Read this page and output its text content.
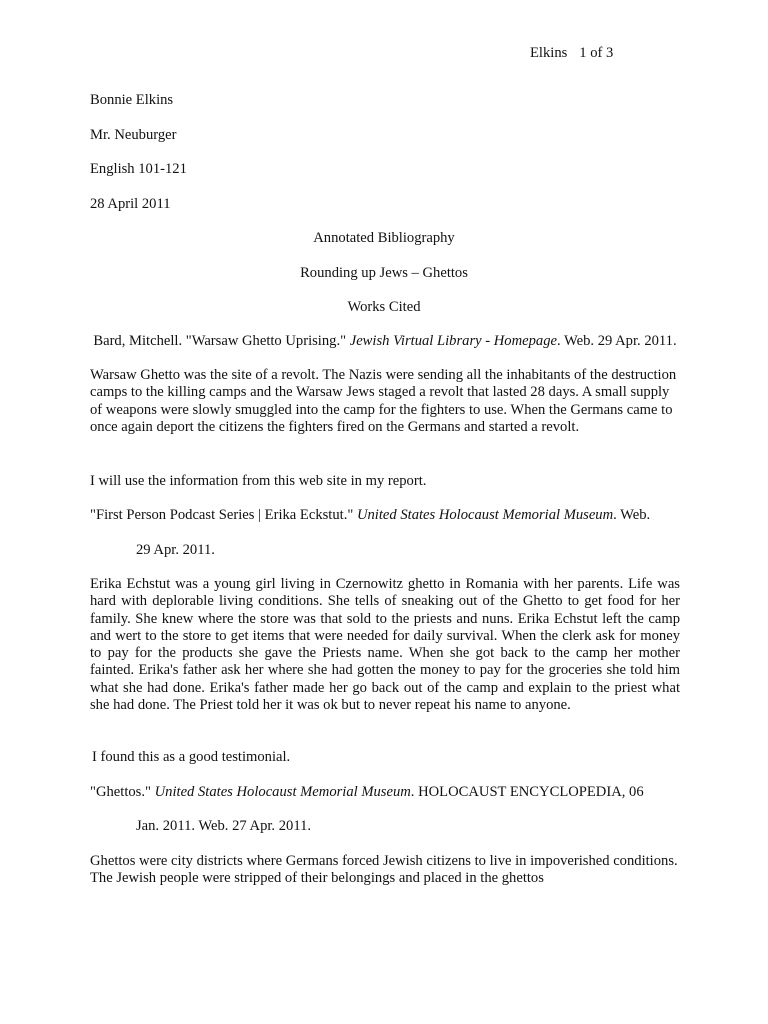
Elkins 1 of 3
Bonnie Elkins
Mr. Neuburger
English 101-121
28 April 2011
Annotated Bibliography
Rounding up Jews – Ghettos
Works Cited
Bard, Mitchell. "Warsaw Ghetto Uprising." Jewish Virtual Library - Homepage. Web. 29 Apr. 2011.
Warsaw Ghetto was the site of a revolt. The Nazis were sending all the inhabitants of the destruction camps to the killing camps and the Warsaw Jews staged a revolt that lasted 28 days. A small supply of weapons were slowly smuggled into the camp for the fighters to use. When the Germans came to once again deport the citizens the fighters fired on the Germans and started a revolt.
I will use the information from this web site in my report.
"First Person Podcast Series | Erika Eckstut." United States Holocaust Memorial Museum. Web.
29 Apr. 2011.
Erika Echstut was a young girl living in Czernowitz ghetto in Romania with her parents. Life was hard with deplorable living conditions. She tells of sneaking out of the Ghetto to get food for her family. She knew where the store was that sold to the priests and nuns. Erika Echstut left the camp and wert to the store to get items that were needed for daily survival. When the clerk ask for money to pay for the products she gave the Priests name. When she got back to the camp her mother fainted. Erika's father ask her where she had gotten the money to pay for the groceries she told him what she had done. Erika's father made her go back out of the camp and explain to the priest what she had done. The Priest told her it was ok but to never repeat his name to anyone.
I found this as a good testimonial.
"Ghettos." United States Holocaust Memorial Museum. HOLOCAUST ENCYCLOPEDIA, 06
Jan. 2011. Web. 27 Apr. 2011.
Ghettos were city districts where Germans forced Jewish citizens to live in impoverished conditions. The Jewish people were stripped of their belongings and placed in the ghettos
